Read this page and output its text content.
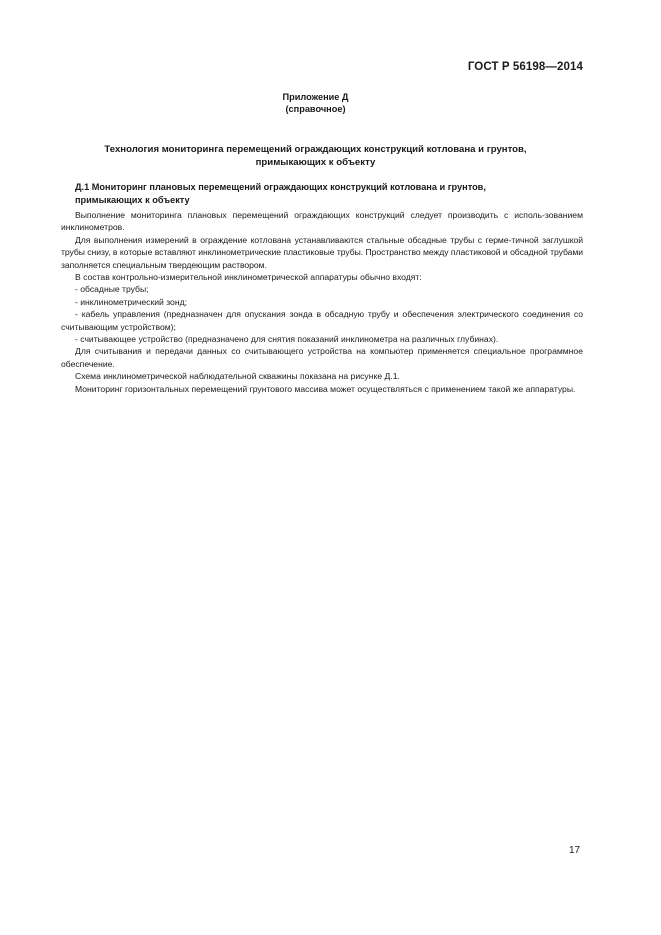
ГОСТ Р 56198—2014
Приложение Д
(справочное)
Технология мониторинга перемещений ограждающих конструкций котлована и грунтов,
примыкающих к объекту
Д.1 Мониторинг плановых перемещений ограждающих конструкций котлована и грунтов,
примыкающих к объекту

Выполнение мониторинга плановых перемещений ограждающих конструкций следует производить с исполь-зованием инклинометров.

Для выполнения измерений в ограждение котлована устанавливаются стальные обсадные трубы с герме-тичной заглушкой трубы снизу, в которые вставляют инклинометрические пластиковые трубы. Пространство между пластиковой и обсадной трубами заполняется специальным твердеющим раствором.

В состав контрольно-измерительной инклинометрической аппаратуры обычно входят:

- обсадные трубы;

- инклинометрический зонд;

- кабель управления (предназначен для опускания зонда в обсадную трубу и обеспечения электрического соединения со считывающим устройством);

- считывающее устройство (предназначено для снятия показаний инклинометра на различных глубинах).

Для считывания и передачи данных со считывающего устройства на компьютер применяется специальное программное обеспечение.

Схема инклинометрической наблюдательной скважины показана на рисунке Д.1.

Мониторинг горизонтальных перемещений грунтового массива может осуществляться с применением такой же аппаратуры.

17
